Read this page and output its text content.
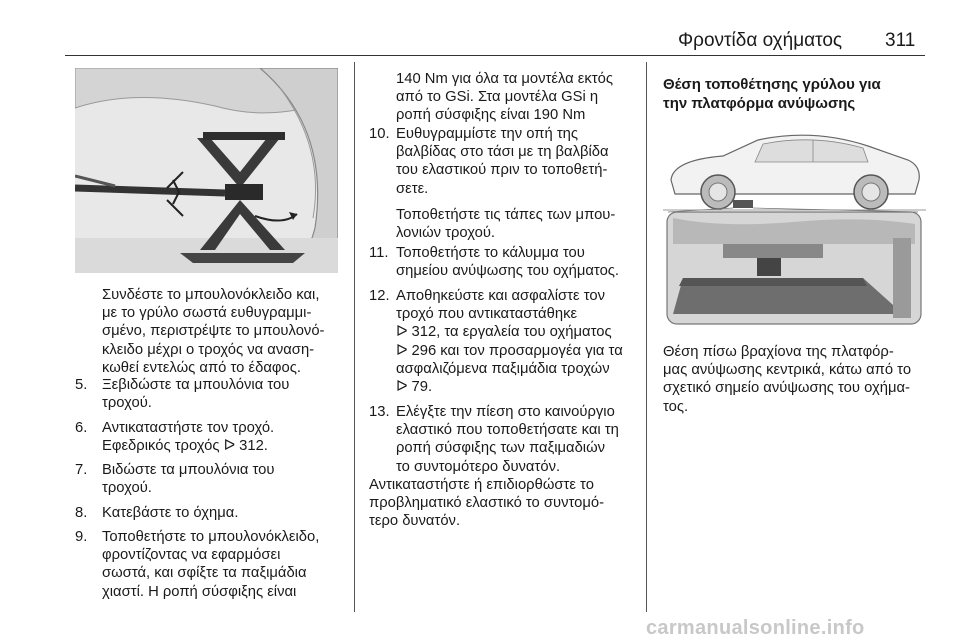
Φροντίδα οχήματος 311
Συνδέστε το μπουλονόκλειδο και,
με το γρύλο σωστά ευθυγραμμι-
σμένο, περιστρέψτε το μπουλονό-
κλειδο μέχρι ο τροχός να αναση-
κωθεί εντελώς από το έδαφος.
5. Ξεβιδώστε τα μπουλόνια του
τροχού.
6. Αντικαταστήστε τον τροχό.
Εφεδρικός τροχός ᐅ 312.
7. Βιδώστε τα μπουλόνια του
τροχού.
8. Κατεβάστε το όχημα.
9. Τοποθετήστε το μπουλονόκλειδο,
φροντίζοντας να εφαρμόσει
σωστά, και σφίξτε τα παξιμάδια
χιαστί. Η ροπή σύσφιξης είναι
140 Nm για όλα τα μοντέλα εκτός
από το GSi. Στα μοντέλα GSi η
ροπή σύσφιξης είναι 190 Nm
10. Ευθυγραμμίστε την οπή της
βαλβίδας στο τάσι με τη βαλβίδα
του ελαστικού πριν το τοποθετή-
σετε.
Τοποθετήστε τις τάπες των μπου-
λονιών τροχού.
11. Τοποθετήστε το κάλυμμα του
σημείου ανύψωσης του οχήματος.
12. Αποθηκεύστε και ασφαλίστε τον
τροχό που αντικαταστάθηκε
ᐅ 312, τα εργαλεία του οχήματος
ᐅ 296 και τον προσαρμογέα για τα
ασφαλιζόμενα παξιμάδια τροχών
ᐅ 79.
13. Ελέγξτε την πίεση στο καινούργιο
ελαστικό που τοποθετήσατε και τη
ροπή σύσφιξης των παξιμαδιών
το συντομότερο δυνατόν.
Αντικαταστήστε ή επιδιορθώστε το
προβληματικό ελαστικό το συντομό-
τερο δυνατόν.
Θέση τοποθέτησης γρύλου για
την πλατφόρμα ανύψωσης
Θέση πίσω βραχίονα της πλατφόρ-
μας ανύψωσης κεντρικά, κάτω από το
σχετικό σημείο ανύψωσης του οχήμα-
τος.
carmanualsonline.info
